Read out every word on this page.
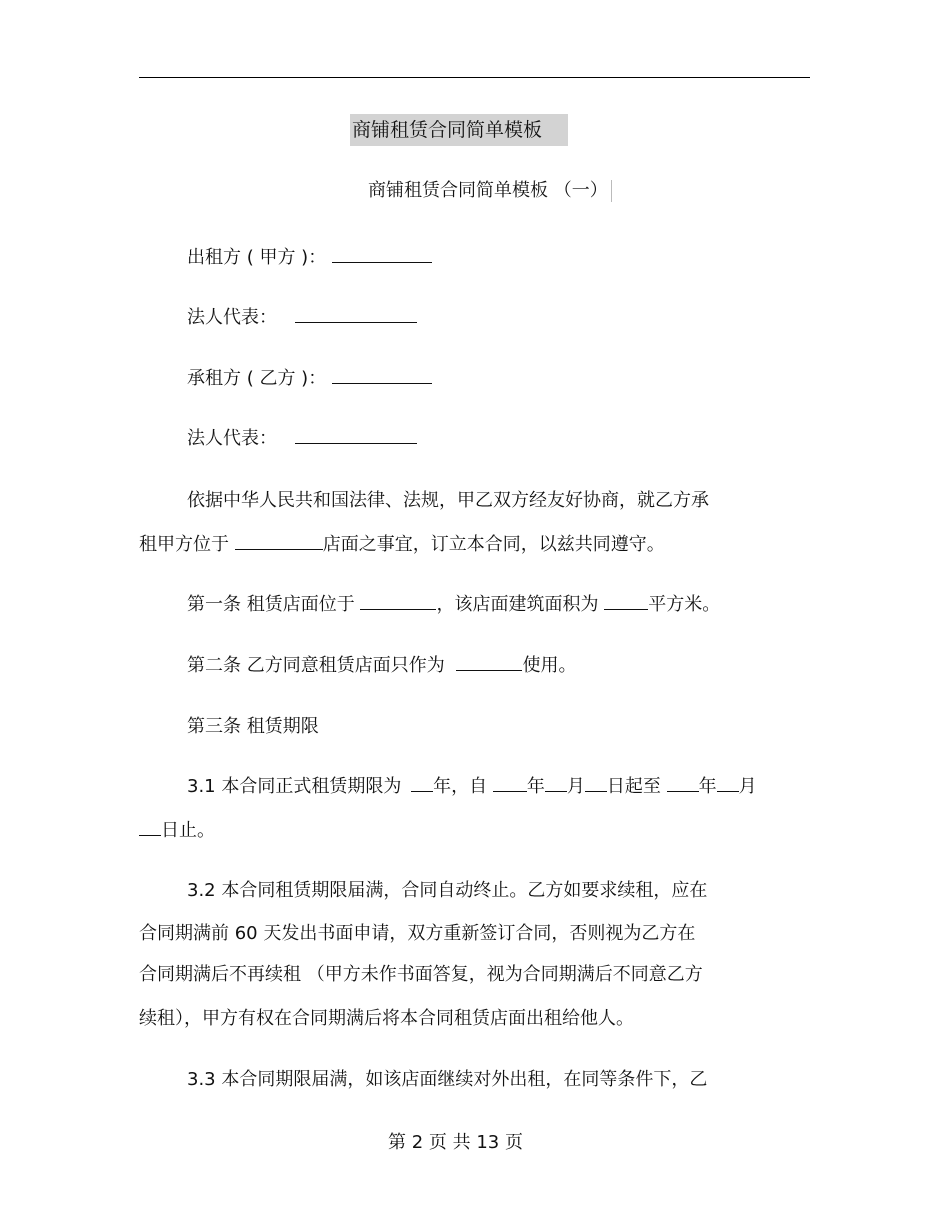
商铺租赁合同简单模板
商铺租赁合同简单模板 （一）
出租方 ( 甲方 )：
法人代表：
承租方 ( 乙方 )：
法人代表：
依据中华人民共和国法律、法规，甲乙双方经友好协商，就乙方承
租甲方位于	店面之事宜，订立本合同，以兹共同遵守。
第一条 租赁店面位于	，该店面建筑面积为	平方米。
第二条 乙方同意租赁店面只作为	使用。
第三条 租赁期限
3.1 本合同正式租赁期限为 年，自 年 月 日起至 年 月
日止。
3.2 本合同租赁期限届满，合同自动终止。乙方如要求续租，应在
合同期满前 60 天发出书面申请，双方重新签订合同，否则视为乙方在
合同期满后不再续租 （甲方未作书面答复，视为合同期满后不同意乙方
续租），甲方有权在合同期满后将本合同租赁店面出租给他人。
3.3 本合同期限届满，如该店面继续对外出租，在同等条件下，乙
第 2 页 共 13 页
